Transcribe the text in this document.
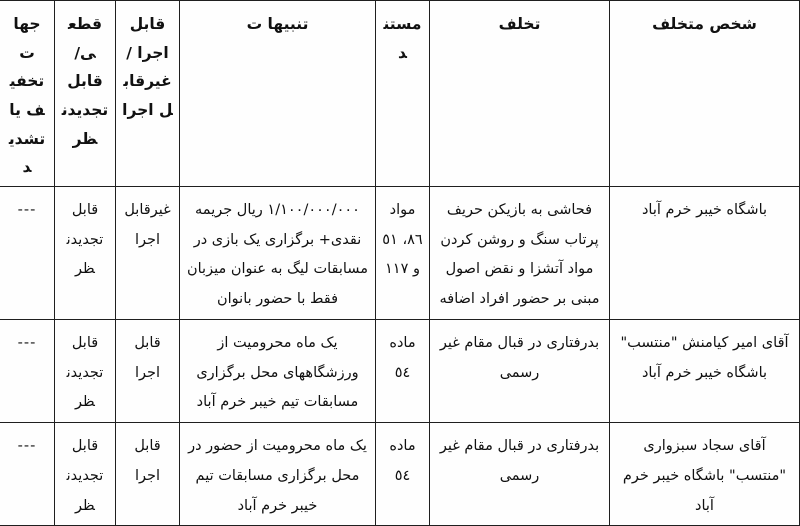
شخص متخلف	تخلف	مستند	تنبيها ت	قابل اجرا /غيرقابل اجرا	قطعی/قابل تجدیدنظر	جهات تخفیف یا تشدید
باشگاه خیبر خرم آباد	فحاشی به بازیکن حریف پرتاب سنگ و روشن کردن مواد آتشزا و نقض اصول مبنی بر حضور افراد اضافه	مواد ٨٦، ٥١ و ١١٧	١/١٠٠/٠٠٠/٠٠٠ ریال جریمه نقدی+ برگزاری یک بازی در مسابقات لیگ به عنوان میزبان فقط با حضور بانوان	غیرقابل اجرا	قابل تجدیدنظر	---
آقای امیر کیامنش "منتسب" باشگاه خیبر خرم آباد	بدرفتاری در قبال مقام غیر رسمی	ماده ٥٤	یک ماه محرومیت از ورزشگاههای محل برگزاری مسابقات تیم خیبر خرم آباد	قابل اجرا	قابل تجدیدنظر	---
آقای سجاد سبزواری "منتسب" باشگاه خیبر خرم آباد	بدرفتاری در قبال مقام غیر رسمی	ماده ٥٤	یک ماه محرومیت از حضور در محل برگزاری مسابقات تیم خیبر خرم آباد	قابل اجرا	قابل تجدیدنظر	---
